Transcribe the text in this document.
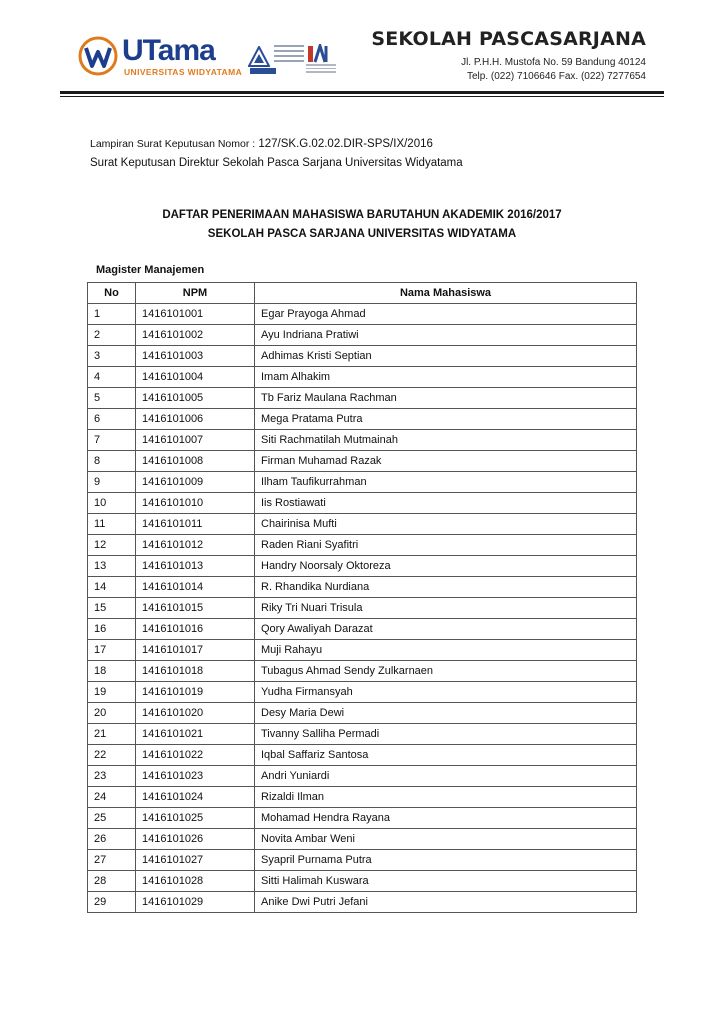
UTama
UNIVERSITAS WIDYATAMA
SEKOLAH PASCASARJANA
Jl. P.H.H. Mustofa No. 59 Bandung 40124
Telp. (022) 7106646 Fax. (022) 7277654
Lampiran Surat Keputusan Nomor : 127/SK.G.02.02.DIR-SPS/IX/2016
Surat Keputusan Direktur Sekolah Pasca Sarjana Universitas Widyatama
DAFTAR PENERIMAAN MAHASISWA BARUTAHUN AKADEMIK 2016/2017
SEKOLAH PASCA SARJANA UNIVERSITAS WIDYATAMA
Magister Manajemen
No	NPM	Nama Mahasiswa
1	1416101001	Egar Prayoga Ahmad
2	1416101002	Ayu Indriana Pratiwi
3	1416101003	Adhimas Kristi Septian
4	1416101004	Imam Alhakim
5	1416101005	Tb Fariz Maulana Rachman
6	1416101006	Mega Pratama Putra
7	1416101007	Siti Rachmatilah Mutmainah
8	1416101008	Firman Muhamad Razak
9	1416101009	Ilham Taufikurrahman
10	1416101010	Iis Rostiawati
11	1416101011	Chairinisa Mufti
12	1416101012	Raden Riani Syafitri
13	1416101013	Handry Noorsaly Oktoreza
14	1416101014	R. Rhandika Nurdiana
15	1416101015	Riky Tri Nuari Trisula
16	1416101016	Qory Awaliyah Darazat
17	1416101017	Muji Rahayu
18	1416101018	Tubagus Ahmad Sendy Zulkarnaen
19	1416101019	Yudha Firmansyah
20	1416101020	Desy Maria Dewi
21	1416101021	Tivanny Salliha Permadi
22	1416101022	Iqbal Saffariz Santosa
23	1416101023	Andri Yuniardi
24	1416101024	Rizaldi Ilman
25	1416101025	Mohamad Hendra Rayana
26	1416101026	Novita Ambar Weni
27	1416101027	Syapril Purnama Putra
28	1416101028	Sitti Halimah Kuswara
29	1416101029	Anike Dwi Putri Jefani
